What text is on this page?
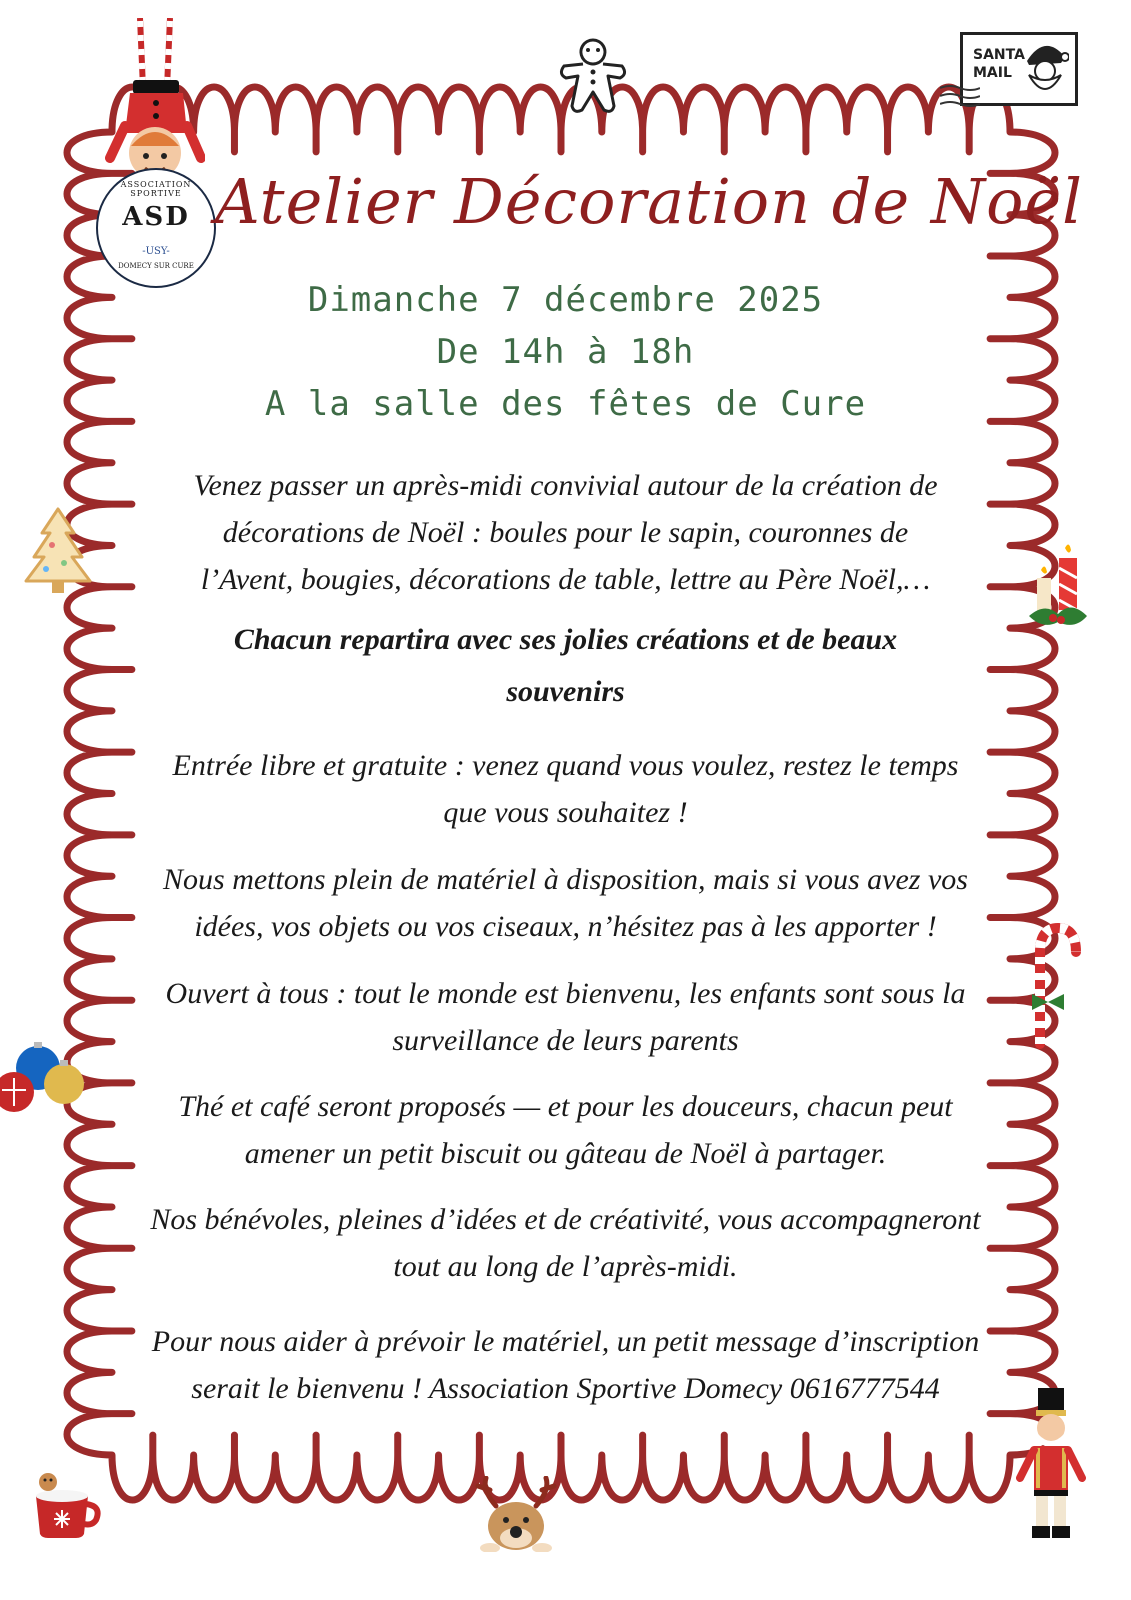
ASSOCIATION SPORTIVE
ASD
-USY-
DOMECY SUR CURE
SANTA
MAIL
Atelier Décoration de Noël
Dimanche 7 décembre 2025
De 14h à 18h
A la salle des fêtes de Cure
Venez passer un après-midi convivial autour de la création de
décorations de Noël : boules pour le sapin, couronnes de
l’Avent, bougies, décorations de table, lettre au Père Noël,…
Chacun repartira avec ses jolies créations et de beaux
souvenirs
Entrée libre et gratuite : venez quand vous voulez, restez le temps
que vous souhaitez !
Nous mettons plein de matériel à disposition, mais si vous avez vos
idées, vos objets ou vos ciseaux, n’hésitez pas à les apporter !
Ouvert à tous : tout le monde est bienvenu, les enfants sont sous la
surveillance de leurs parents
Thé et café seront proposés — et pour les douceurs, chacun peut
amener un petit biscuit ou gâteau de Noël à partager.
Nos bénévoles, pleines d’idées et de créativité, vous accompagneront
tout au long de l’après-midi.
Pour nous aider à prévoir le matériel, un petit message d’inscription
serait le bienvenu ! Association Sportive Domecy 0616777544
